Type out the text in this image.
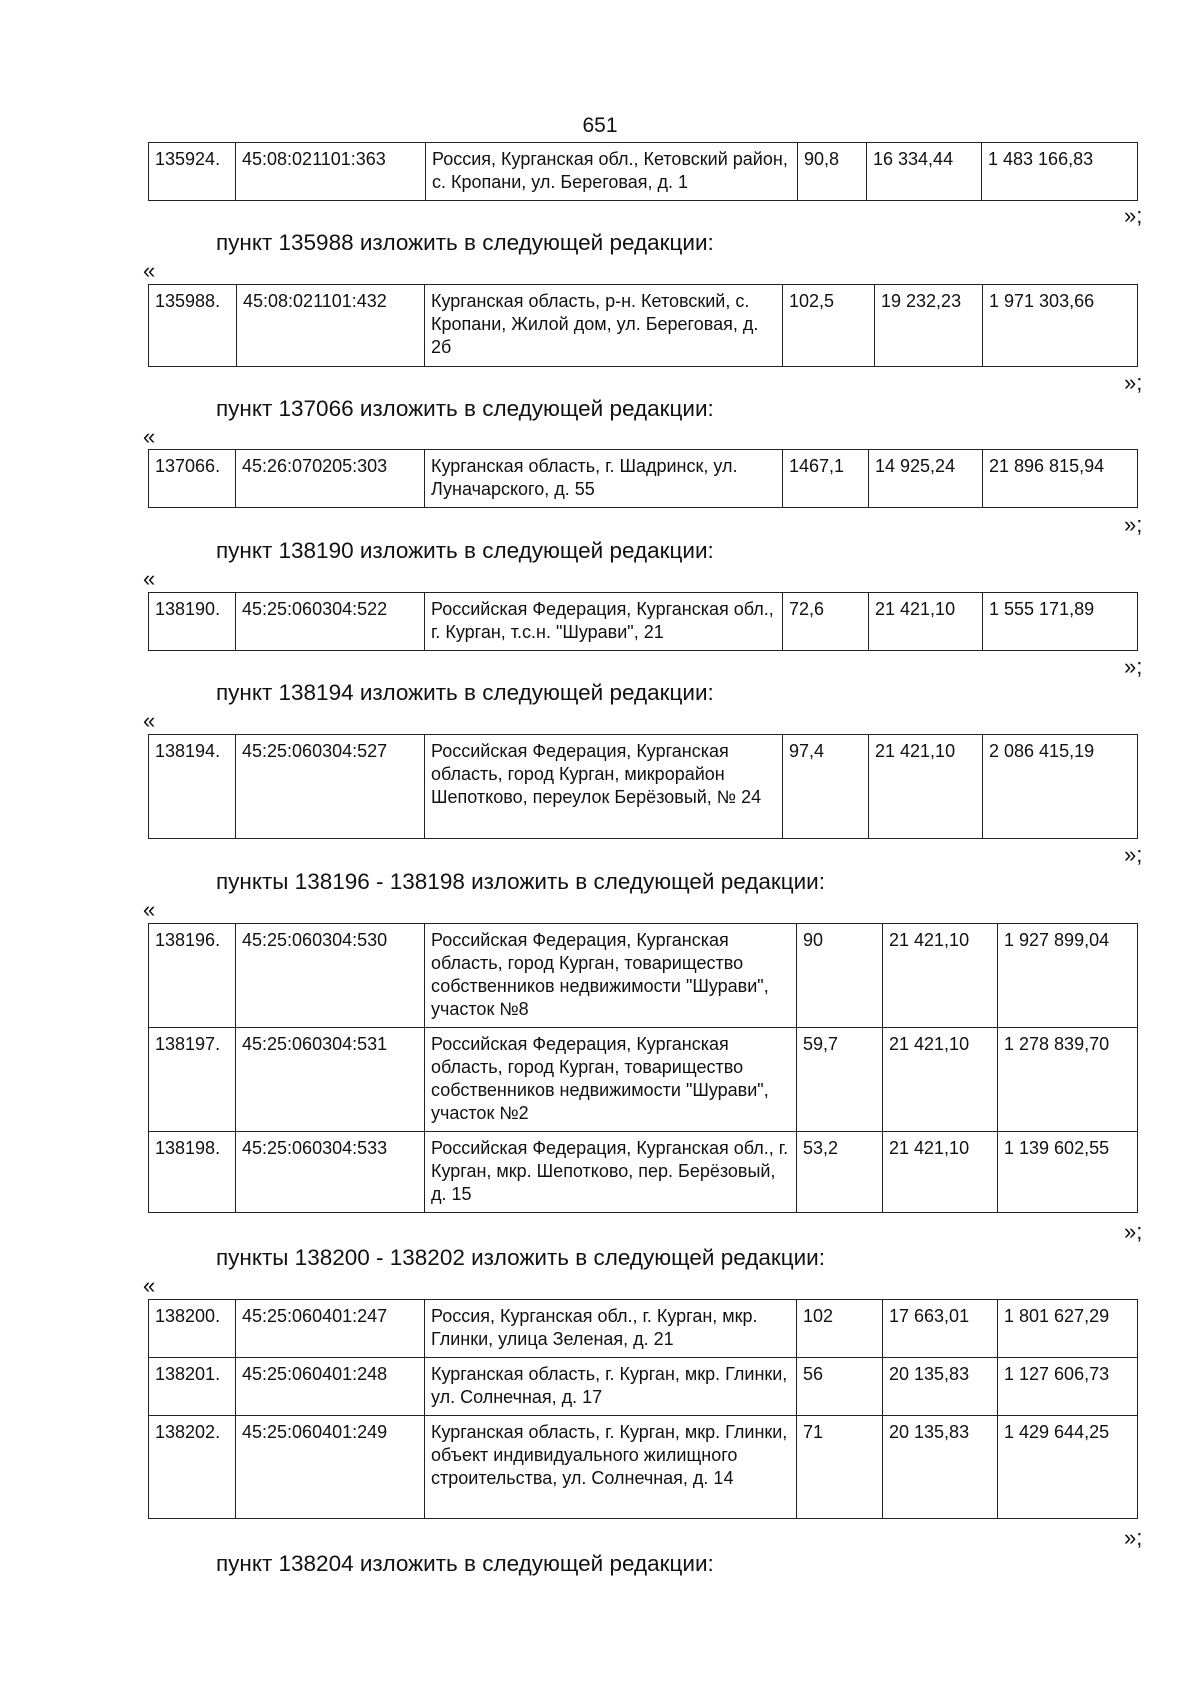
651
135924.	45:08:021101:363	Россия, Курганская обл., Кетовский район, с. Кропани, ул. Береговая, д. 1	90,8	16 334,44	1 483 166,83
»;
пункт 135988 изложить в следующей редакции:
«
135988.	45:08:021101:432	Курганская область, р-н. Кетовский, с. Кропани, Жилой дом, ул. Береговая, д. 2б	102,5	19 232,23	1 971 303,66
»;
пункт 137066 изложить в следующей редакции:
«
137066.	45:26:070205:303	Курганская область, г. Шадринск, ул. Луначарского, д. 55	1467,1	14 925,24	21 896 815,94
»;
пункт 138190 изложить в следующей редакции:
«
138190.	45:25:060304:522	Российская Федерация, Курганская обл., г. Курган, т.с.н. "Шурави", 21	72,6	21 421,10	1 555 171,89
»;
пункт 138194 изложить в следующей редакции:
«
138194.	45:25:060304:527	Российская Федерация, Курганская область, город Курган, микрорайон Шепотково, переулок Берёзовый, № 24	97,4	21 421,10	2 086 415,19
»;
пункты 138196 - 138198 изложить в следующей редакции:
«
138196.	45:25:060304:530	Российская Федерация, Курганская область, город Курган, товарищество собственников недвижимости "Шурави", участок №8	90	21 421,10	1 927 899,04
138197.	45:25:060304:531	Российская Федерация, Курганская область, город Курган, товарищество собственников недвижимости "Шурави", участок №2	59,7	21 421,10	1 278 839,70
138198.	45:25:060304:533	Российская Федерация, Курганская обл., г. Курган, мкр. Шепотково, пер. Берёзовый, д. 15	53,2	21 421,10	1 139 602,55
»;
пункты 138200 - 138202 изложить в следующей редакции:
«
138200.	45:25:060401:247	Россия, Курганская обл., г. Курган, мкр. Глинки, улица Зеленая, д. 21	102	17 663,01	1 801 627,29
138201.	45:25:060401:248	Курганская область, г. Курган, мкр. Глинки, ул. Солнечная, д. 17	56	20 135,83	1 127 606,73
138202.	45:25:060401:249	Курганская область, г. Курган, мкр. Глинки, объект индивидуального жилищного строительства, ул. Солнечная, д. 14	71	20 135,83	1 429 644,25
»;
пункт 138204 изложить в следующей редакции:
